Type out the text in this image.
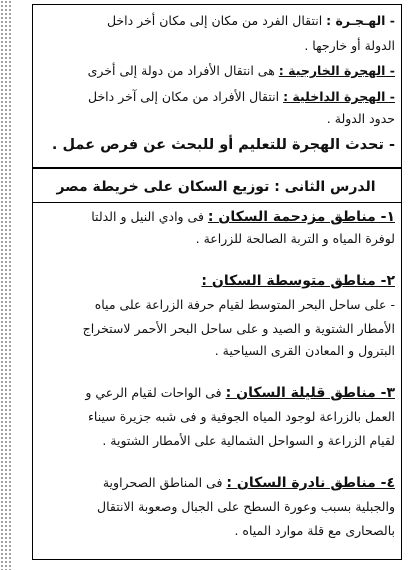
- الهـجـرة : انتقال الفرد من مكان إلى مكان أخر داخل
الدولة أو خارجها .
- الهجرة الخارجية : هى انتقال الأفراد من دولة إلى أخرى
- الهجرة الداخلية : انتقال الأفراد من مكان إلى آخر داخل
حدود الدولة .
- تحدث الهجرة للتعليم أو للبحث عن فرص عمل .
الدرس الثانى : توزيع السكان على خريطة مصر
١- مناطق مزدحمة السكان : فى وادي النيل و الدلتا
لوفرة المياه و التربة الصالحة للزراعة .
٢- مناطق متوسطة السكان :
- على ساحل البحر المتوسط لقيام حرفة الزراعة على مياه
الأمطار الشتوية و الصيد و على ساحل البحر الأحمر لاستخراج
البترول و المعادن القرى السياحية .
٣- مناطق قليلة السكان : فى الواحات لقيام الرعي و
العمل بالزراعة لوجود المياه الجوفية و فى شبه جزيرة سيناء
لقيام الزراعة و السواحل الشمالية على الأمطار الشتوية .
٤- مناطق نادرة السكان : فى المناطق الصحراوية
والجبلية بسبب وعورة السطح على الجبال وصعوبة الانتقال
بالصحارى مع قلة موارد المياه .
